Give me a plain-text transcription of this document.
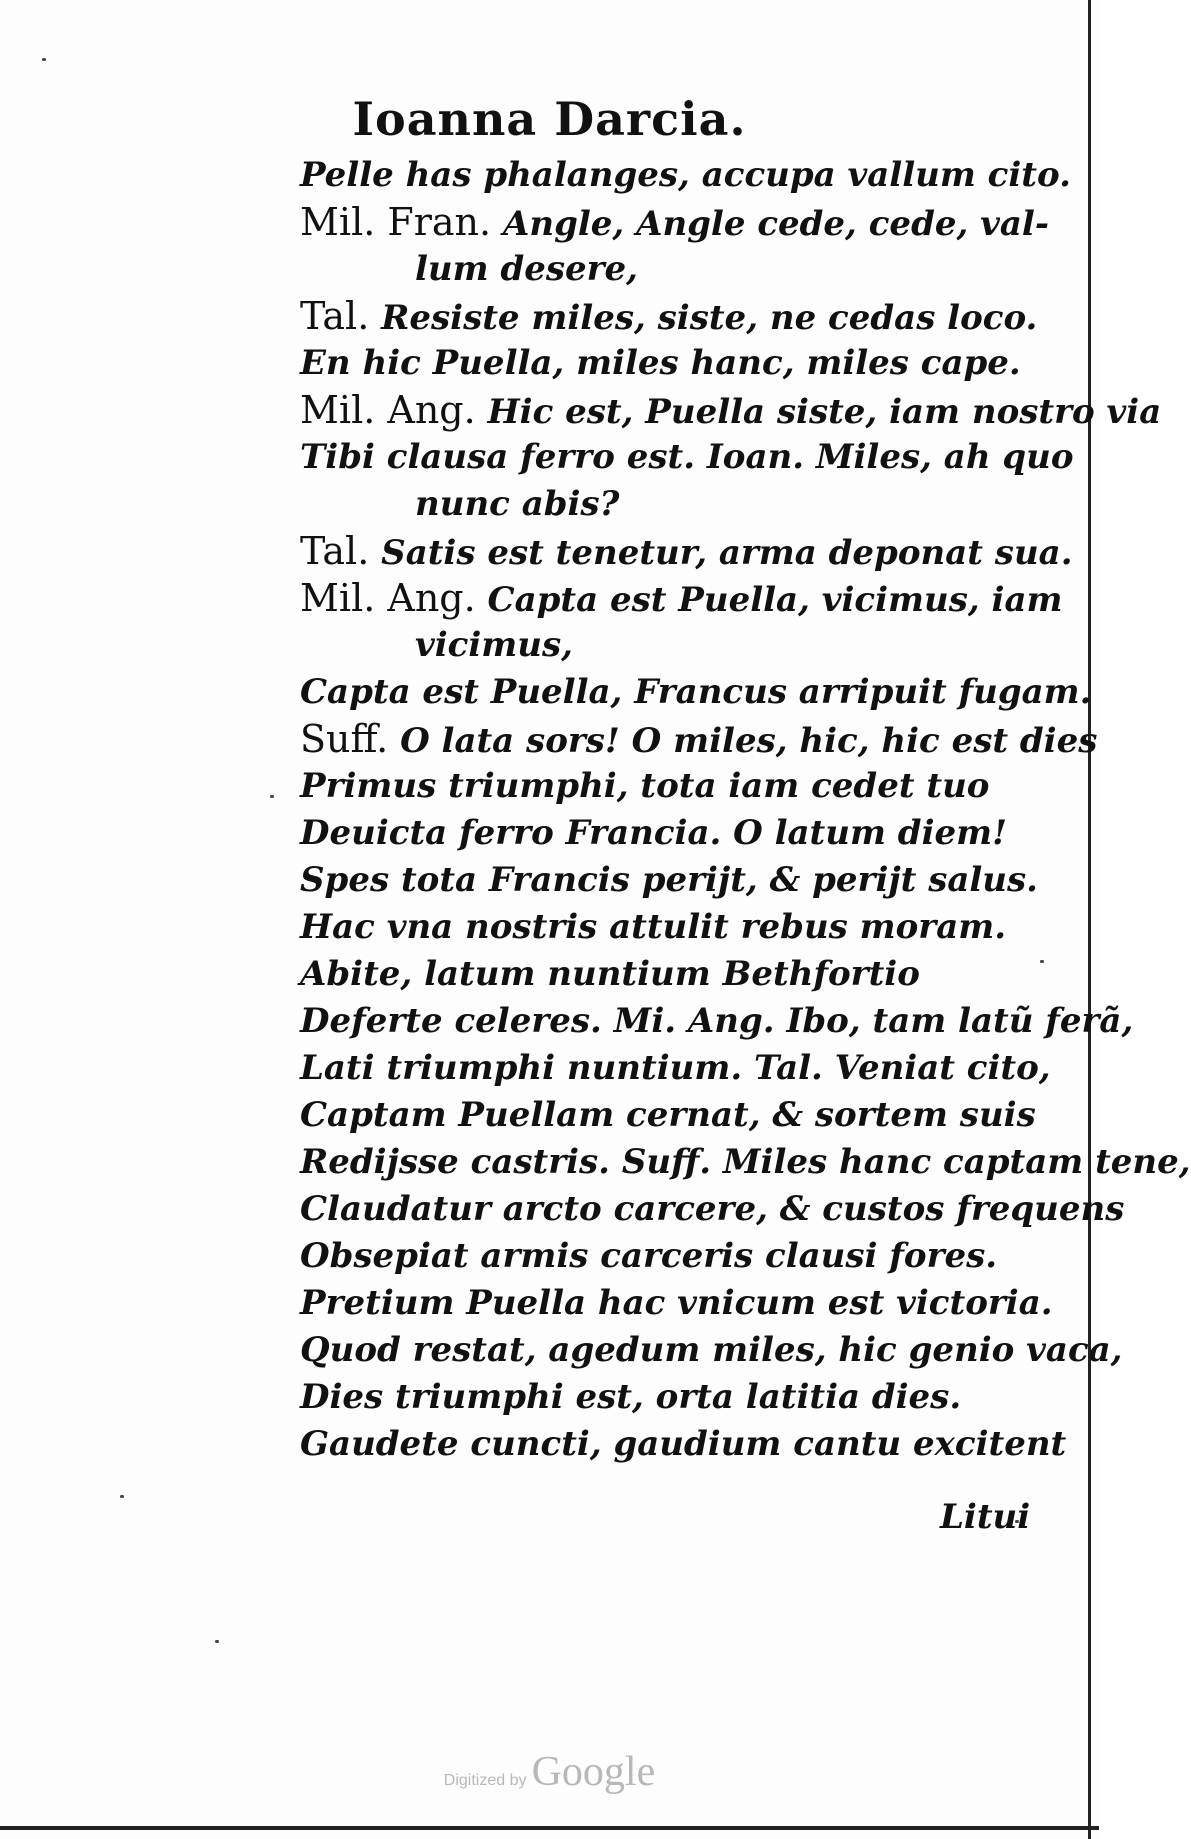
Ioanna Darcia.
Pelle has phalanges, accupa vallum cito.
Mil. Fran. Angle, Angle cede, cede, val-
lum desere,
Tal. Resiste miles, siste, ne cedas loco.
En hic Puella, miles hanc, miles cape.
Mil. Ang. Hic est, Puella siste, iam nostro via
Tibi clausa ferro est. Ioan. Miles, ah quo
nunc abis?
Tal. Satis est tenetur, arma deponat sua.
Mil. Ang. Capta est Puella, vicimus, iam
vicimus,
Capta est Puella, Francus arripuit fugam.
Suff. O lata sors! O miles, hic, hic est dies
Primus triumphi, tota iam cedet tuo
Deuicta ferro Francia. O latum diem!
Spes tota Francis perijt, & perijt salus.
Hac vna nostris attulit rebus moram.
Abite, latum nuntium Bethfortio
Deferte celeres. Mi. Ang. Ibo, tam latũ ferã,
Lati triumphi nuntium. Tal. Veniat cito,
Captam Puellam cernat, & sortem suis
Redijsse castris. Suff. Miles hanc captam tene,
Claudatur arcto carcere, & custos frequens
Obsepiat armis carceris clausi fores.
Pretium Puella hac vnicum est victoria.
Quod restat, agedum miles, hic genio vaca,
Dies triumphi est, orta latitia dies.
Gaudete cuncti, gaudium cantu excitent
Litui
Digitized by Google
